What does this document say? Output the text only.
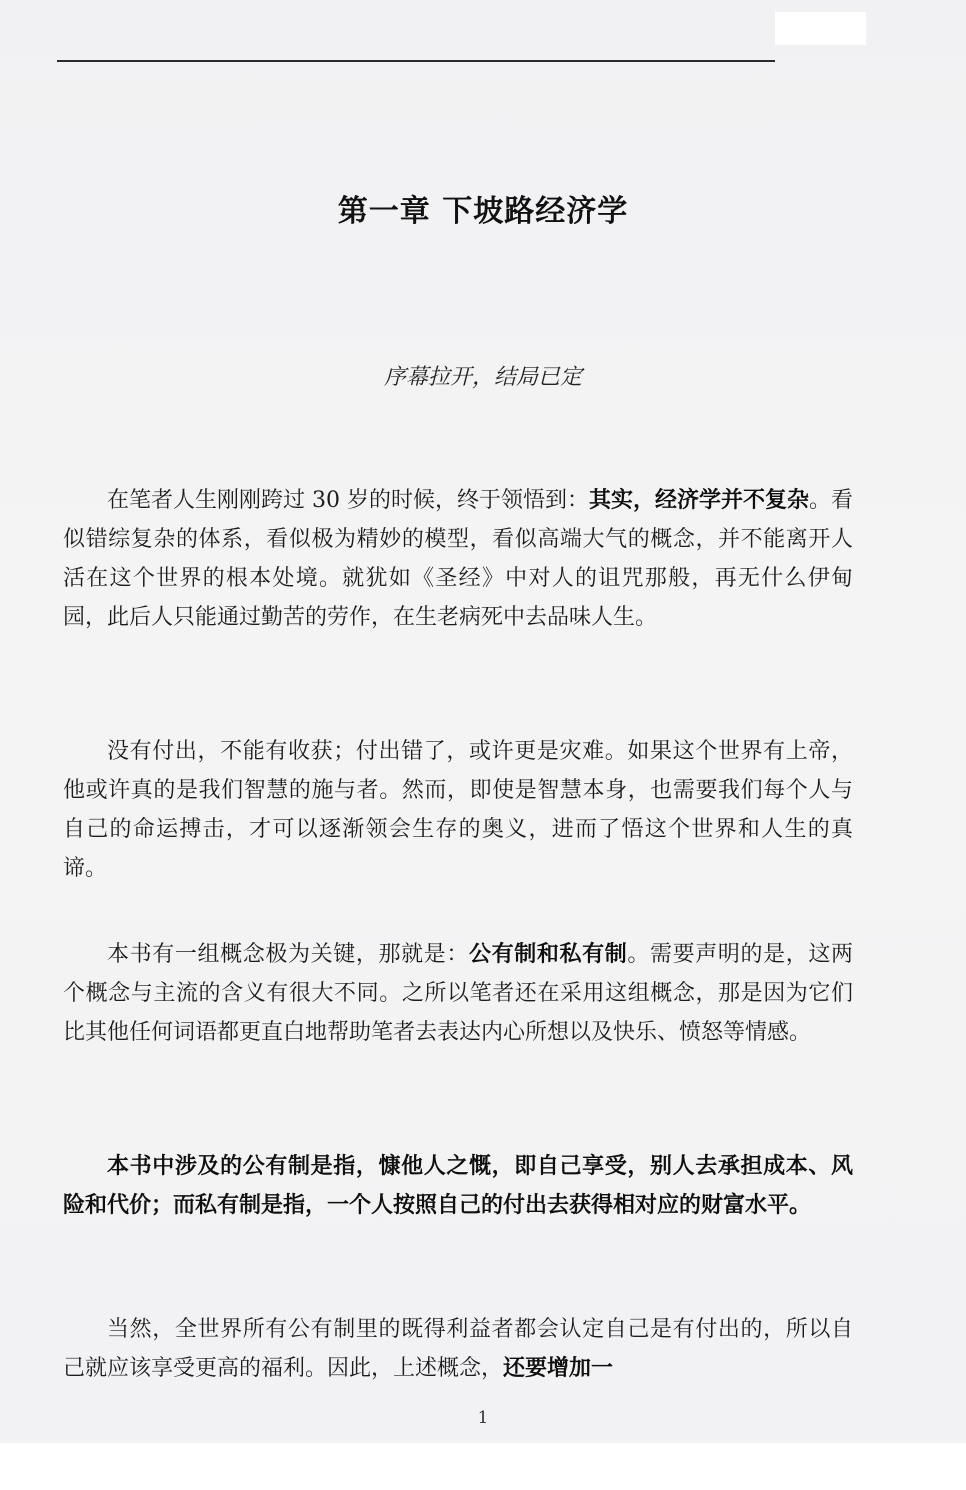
第一章 下坡路经济学
序幕拉开，结局已定

在笔者人生刚刚跨过 30 岁的时候，终于领悟到：其实，经济学并不复杂。看似错综复杂的体系，看似极为精妙的模型，看似高端大气的概念，并不能离开人活在这个世界的根本处境。就犹如《圣经》中对人的诅咒那般，再无什么伊甸园，此后人只能通过勤苦的劳作，在生老病死中去品味人生。

没有付出，不能有收获；付出错了，或许更是灾难。如果这个世界有上帝，他或许真的是我们智慧的施与者。然而，即使是智慧本身，也需要我们每个人与自己的命运搏击，才可以逐渐领会生存的奥义，进而了悟这个世界和人生的真谛。

本书有一组概念极为关键，那就是：公有制和私有制。需要声明的是，这两个概念与主流的含义有很大不同。之所以笔者还在采用这组概念，那是因为它们比其他任何词语都更直白地帮助笔者去表达内心所想以及快乐、愤怒等情感。

本书中涉及的公有制是指，慷他人之慨，即自己享受，别人去承担成本、风险和代价；而私有制是指，一个人按照自己的付出去获得相对应的财富水平。

当然，全世界所有公有制里的既得利益者都会认定自己是有付出的，所以自己就应该享受更高的福利。因此，上述概念，还要增加一

1
